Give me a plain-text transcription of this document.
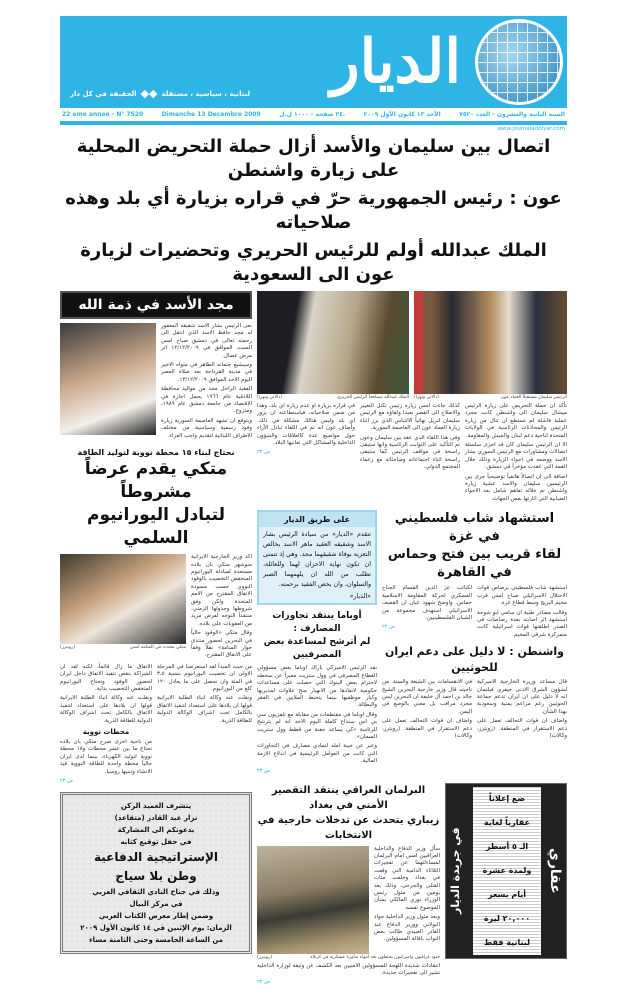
لبنانية ، سياسية ، مستقلة
◆◆
الحقيقة في كل دار	الديار
22 eme annee - N° 7520	Dimanche 13 Decembre 2009	٢٤ صفحة - ١٠٠٠ ل.ل.	الأحد ١٣ كانون الأول ٢٠٠٩	السنة الثانية والعشرون - العدد ٧٥٢٠
www.journaladdiyar.com
اتصال بين سليمان والأسد أزال حملة التحريض المحلية على زيارة واشنطن
عون : رئيس الجمهورية حرّ في قراره بزيارة أي بلد وهذه صلاحياته
الملك عبدالله أولم للرئيس الحريري وتحضيرات لزيارة عون الى السعودية
مجد الأسد في ذمة الله

نعى الرئيس بشار الاسد شقيقه المغفور له مجد حافظ الاسد الذي انتقل الى رحمته تعالى في دمشق صباح امس السبت الموافق في ١٢/١٢/٢٠٠٩ اثر مرض عضال.

وسيشيع جثمانه الطاهر في مثواه الاخير في مدينة القرداحة بعد صلاة العصر اليوم الاحد الموافق ١٣/١٢/٢٠٠٩.

الفقيد الراحل مجد من مواليد محافظة اللاذقية عام ١٩٦٦ يحمل اجازة في الاقتصاد من جامعة دمشق عام ١٩٨٩، ومتزوج.

ويتوقع ان تشهد العاصمة السورية زيارة وفود رسمية وسياسية من مختلف الاطراف اللبنانية لتقديم واجب العزاء.

نحتاج لبناء ١٥ محطة نووية لتوليد الطاقة
متكي يقدم عرضاً مشروطاً
لتبادل اليورانيوم السلمي
متكي يتحدث في المنامة امس
(رويترز)

اكد وزير الخارجية الايرانية منوشهر متكي بان بلاده مستعدة لمبادلة اليورانيوم المنخفض التخصيب بالوقود النووي حسب مسودة الاتفاق المقترح من الامم المتحدة ولكن وفق شروطها وجدولها الزمني، منتقداً التوجه لفرض مزيد من العقوبات على بلاده.

وقال متكي «الوقود حالياً في البحرين لحضور منتدى حوار المنامة» نقلاً وفقاً على الاتفاق المقترح.

الاتفاق ما زال قائماً، لكنه لقد ان الشراكة بنقص تنفيذ الاتفاق داخل ايران لحضور الوفود وتحتاج اليورانيوم المنخفض التخصيب بداية.

ونقلت عنه وكالة انباء الطلبة الايرانية قولها ان بلادها على استعداد لتنفيذ الاتفاق بالكامل تحت اشراف الوكالة الدولية للطاقة الذرية.

محطات نووية
من ناحية اخرى صرح متكي بان بلاده تحتاج ما بين عشر محطات و١٥ محطة نووية لتوليد الكهرباء، بينما لدى ايران حالياً محطة واحدة للطاقة النووية قيد الانشاء وتبنيها روسيا.
ص ٢٣

من حيث المبدأ لقد استعرضنا في المرحلة الاولى ان تخصيب اليورانيوم بنسبة ٣،٥ في المئة وان نحصل على ما يعادل ١٢٠ كلغ من اليورانيوم.

ونقلت عنه وكالة انباء الطلبة الايرانية قولها ان بلادها على استعداد لتنفيذ الاتفاق بالكامل تحت اشراف الوكالة الدولية للطاقة الذرية.

يتشرف العميد الركن
نزار عبد القادر (متقاعد)
بدعوتكم الى المشاركة
في حفل توقيع كتابه
الإستراتيجية الدفاعية
وطن بلا سياج
وذلك في جناح النادي الثقافي العربي
في مركز البيال
وضمن إطار معرض الكتاب العربي
الزمان: يوم الإثنين في ١٤ كانون الأول ٢٠٠٩
من الساعة الخامسة وحتى الثامنة مساء
الملك عبدالله مصافحاً الرئيس الحريري
(دالاتي ونهرا)	الرئيس سليمان مستقبلاً العماد عون
(دالاتي ونهرا)

في قراره بزيارة او عدم زيارة اي بلد، وهذا من ضمن صلاحياته، فباستطاعته ان يزور اي بلد وليس هنالك مشكلة في ذلك. وأضاف عون انه تم في اللقاء تبادل الآراء حول مواضيع عدة كالعلاقات والشؤون الداخلية والمشاكل التي تعانيها البلاد.

ص ٢٣

كذلك جاءت امس زيارة رئيس تكتل التغيير والاصلاح الى القصر بعبدا ولقاؤه مع الرئيس سليمان لتزيل نهائياً الالتباس الذي برز اثناء زيارة العماد عون الى العاصمة السورية.

وفي هذا اللقاء الذي عقد بين سليمان وعون تم التأكيد على الثوابت الرئاسية وانها ستبقى راسخة في مواقف الرئيس كما ستبقى راسخة اثناء اجتماعاته ومباحثاته مع زعماء المجتمع الدولي.

تأكد ان حملة التحريض على زيارة الرئيس ميشال سليمان الى واشنطن كانت مجرد عملية فاشلة لم تستطع ان تنال من زيارة الرئيس والمحادثات الرئاسية في الولايات المتحدة لناحية دعم لبنان والجيش والمقاومة.

الا ان الرئيس سليمان كان قد اجرى سلسلة اتصالات ومشاورات مع الرئيس السوري بشار الاسد ووضعه في اجواء الزيارة وذلك خلال القمة التي عقدت مؤخراً في دمشق.

اضافة الى ان اتصالاً هاتفياً توضيحياً جرى بين الرئيسين سليمان والاسد عشية زيارة واشنطن تم خلاله تفاهم شامل بعد الاجواء الضبابية التي اثارتها بعض الجهات.

على طريق الديار
تتقدم «الديار» من سيادة الرئيس بشار الاسد وشقيقه العقيد ماهر الاسد بخالص التعزية بوفاة شقيقهما مجد. وهي إذ تتمنى ان تكون نهاية الاحزان لهما وللعائلة، تطلب من الله ان يلهمهما الصبر والسلوان، وان يخص الفقيد برحمته.
«الديار»
أوباما ينتقد تجاوزات المصارف :
لم أترشح لمساعدة بعض المصرفيين

نقد الرئيس الاميركي باراك اوباما بعض مسؤولي القطاع المصرفي في وول ستريت معبراً عن سخطه لاحترام بعض البنوك التي حصلت على مساعدات حكومية لانقاذها من الانهيار منح علاوات لمديريها وكبار موظفيها بينما يتخبط الملايين في الفقر والبطالة.

وقال اوباما في مقتطفات من مقابلة مع تلفزيون سي بي اس ستذاع كاملة اليوم الاحد انه لم يترشح للرئاسة «كي يساعد حفنة من قطط وول ستريت السمان».

وعبر عن خيبة امله لتمادي مصارف في التجاوزات التي كانت من العوامل الرئيسية في اندلاع الازمة المالية.

ص ٢٣
استشهاد شاب فلسطيني في غزة
لقاء قريب بين فتح وحماس في القاهرة
لكتائب عز الدين القسام الجناح العسكري لحركة المقاومة الاسلامية حماس. واوضح شهود عيان ان القصف الاسرائيلي استهدف مجموعة من الشبان الفلسطينيين.
ص ٢٣

استشهد شاب فلسطيني برصاص قوات الاحتلال الاسرائيلي صباح امس قرب مخيم البريج وسط قطاع غزة.

وقالت مصادر طبية ان سامي ابو شوحة استشهد اثر اصابته بعدة رصاصات في الصدر اطلقتها قوات اسرائيلية كانت متمركزة شرقي المخيم.

واشنطن : لا دليل على دعم ايران للحوثيين

في الانقسامات بين الشيعة والسنة. من ناحيته قال وزير خارجية البحرين الشيخ خالد بن احمد آل خليفة ان البحرين ليس مجرد مراقب بل معني بالوضع في اليمن.

واضاف ان قوات التحالف تعمل على دعم الاستقرار في المنطقة. (رويترز، وكالات)

قال مساعد وزيرة الخارجية الاميركية لشؤون الشرق الادنى جيفري فيلتمان انه لا دليل على ان ايران تدعم جماعة الحوثيين رغم مزاعم يمنية وسعودية بهذا الشأن.

واضاف ان قوات التحالف تعمل على دعم الاستقرار في المنطقة. (رويترز، وكالات)

البرلمان العراقي ينتقد التقصير الأمني في بغداد
زيباري يتحدث عن تدخلات خارجية في الانتخابات

سأل وزير الدفاع والداخلية العراقيين امس امام البرلمان لمساءلتهما عن تفجيرات الثلاثاء الدامية التي وقعت في بغداد وخلفت مئات القتلى والجرحى، وذلك بعد يومين من مثول رئيس الوزراء نوري المالكي بشأن الموضوع نفسه.

وبعد مثول وزير الداخلية جواد البولاني ووزير الدفاع عبد القادر العبيدي طالب بعض النواب باقالة المسؤولين.

جنود عراقيون واميركيون يحتفلون بعد انتهاء مناورة عسكرية في كربلاء
(رويترز)
انتقادات شديدة اللهجة للمسؤولين الامنيين بعد الكشف عن وثيقة لوزارة الداخلية تشير الى تفجيرات جديدة.
ص ٢٣
في جريدة الديار
ضع إعلاناً
عقارياً لغاية
الـ ٥ أسطر
ولمدة عشرة
أيام بسعر
٢٠,٠٠٠ ليرة
لبنانية فقط
عقاري
